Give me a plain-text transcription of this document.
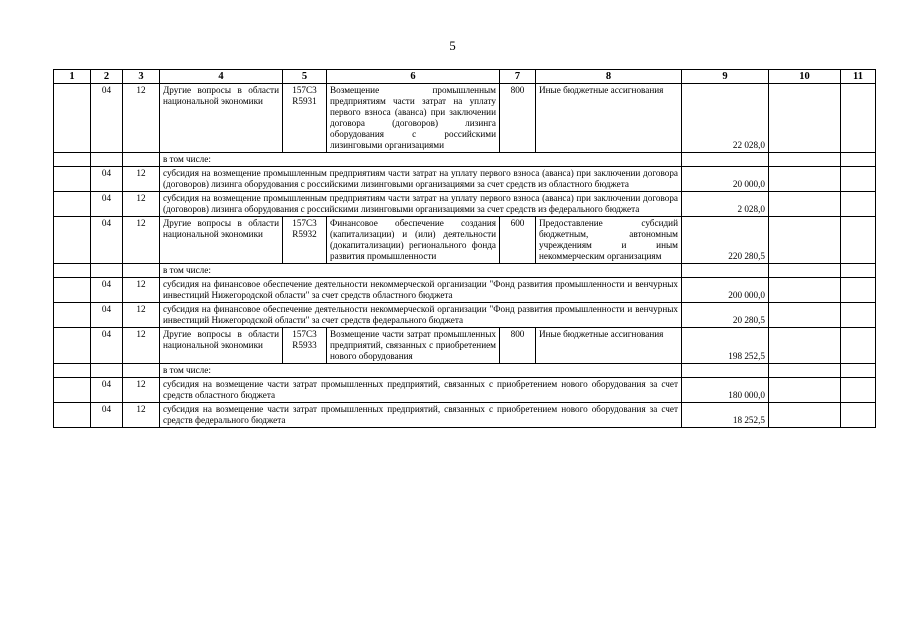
5
1	2	3	4	5	6	7	8	9	10	11
	04	12	Другие вопросы в области национальной экономики	157С3 R5931	Возмещение промышленным предприятиям части затрат на уплату первого взноса (аванса) при заключении договора (договоров) лизинга оборудования с российскими лизинговыми организациями	800	Иные бюджетные ассигнования	22 028,0		
			в том числе:							
	04	12	субсидия на возмещение промышленным предприятиям части затрат на уплату первого взноса (аванса) при заключении договора (договоров) лизинга оборудования с российскими лизинговыми организациями за счет средств из областного бюджета					20 000,0		
	04	12	субсидия на возмещение промышленным предприятиям части затрат на уплату первого взноса (аванса) при заключении договора (договоров) лизинга оборудования с российскими лизинговыми организациями за счет средств из федерального бюджета					2 028,0		
	04	12	Другие вопросы в области национальной экономики	157С3 R5932	Финансовое обеспечение создания (капитализации) и (или) деятельности (докапитализации) регионального фонда развития промышленности	600	Предоставление субсидий бюджетным, автономным учреждениям и иным некоммерческим организациям	220 280,5		
			в том числе:							
	04	12	субсидия на финансовое обеспечение деятельности некоммерческой организации "Фонд развития промышленности и венчурных инвестиций Нижегородской области" за счет средств областного бюджета					200 000,0		
	04	12	субсидия на финансовое обеспечение деятельности некоммерческой организации "Фонд развития промышленности и венчурных инвестиций Нижегородской области" за счет средств федерального бюджета					20 280,5		
	04	12	Другие вопросы в области национальной экономики	157С3 R5933	Возмещение части затрат промышленных предприятий, связанных с приобретением нового оборудования	800	Иные бюджетные ассигнования	198 252,5		
			в том числе:							
	04	12	субсидия на возмещение части затрат промышленных предприятий, связанных с приобретением нового оборудования за счет средств областного бюджета					180 000,0		
	04	12	субсидия на возмещение части затрат промышленных предприятий, связанных с приобретением нового оборудования за счет средств федерального бюджета					18 252,5		
